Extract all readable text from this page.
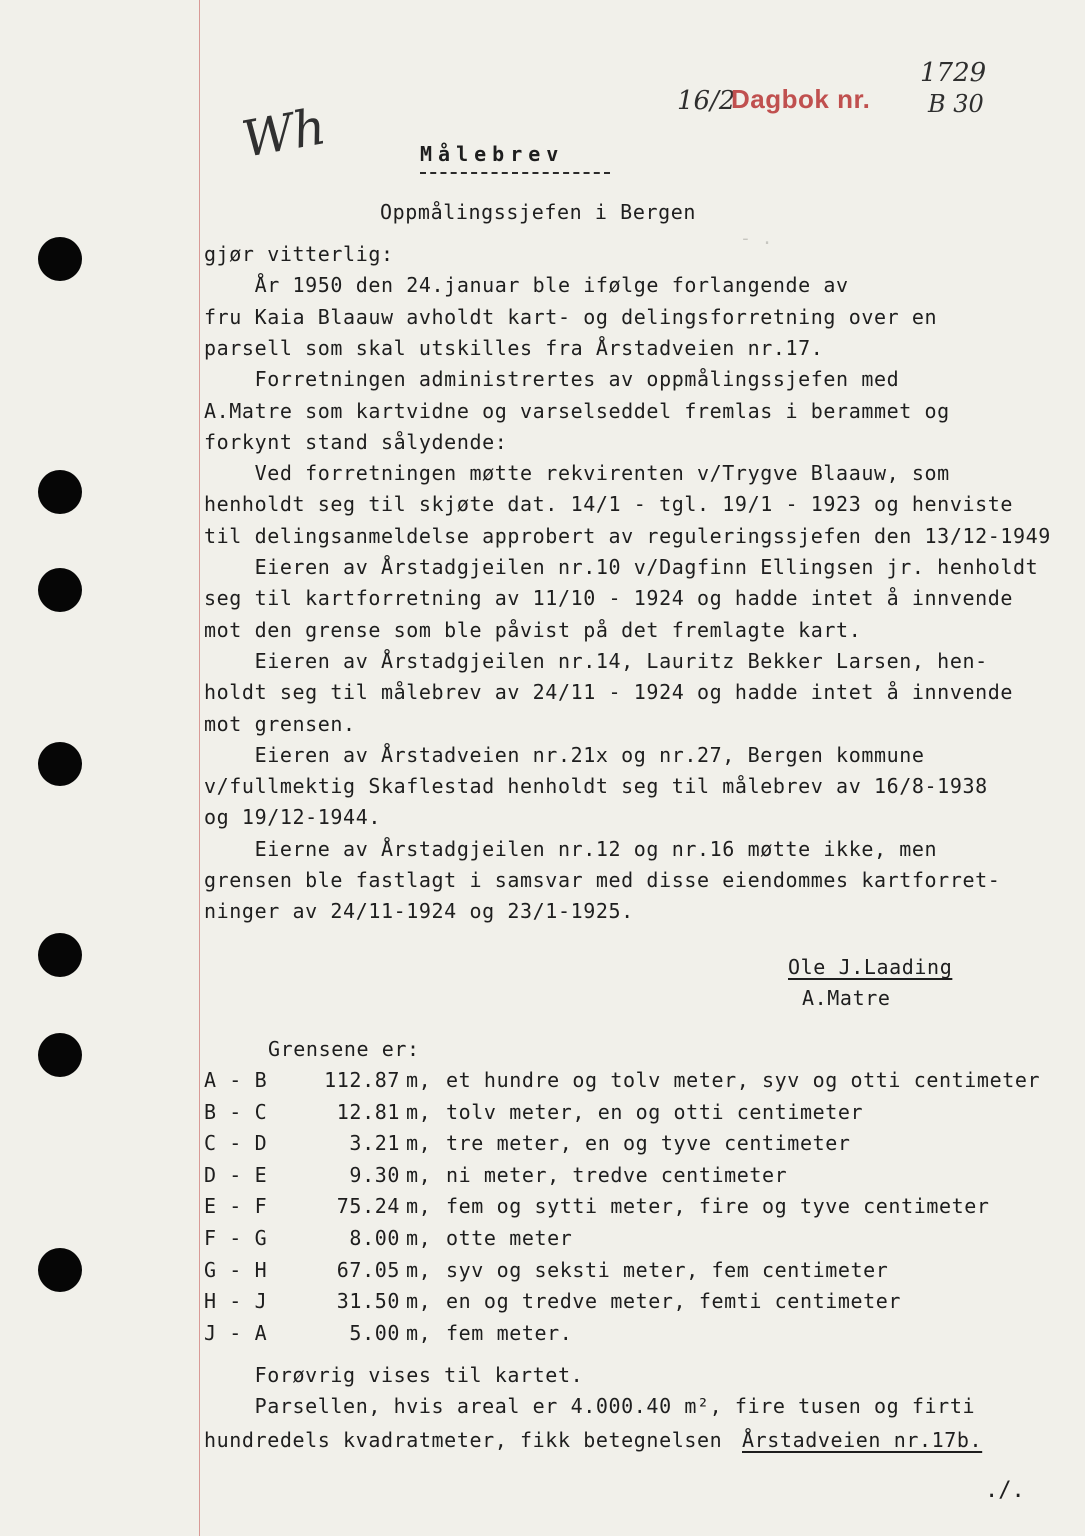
Wh	16/2
Dagbok nr.
1729
B 30
Målebrev
Oppmålingssjefen i Bergen
- .
gjør vitterlig:
År 1950 den 24.januar ble ifølge forlangende av
fru Kaia Blaauw avholdt kart- og delingsforretning over en
parsell som skal utskilles fra Årstadveien nr.17.
Forretningen administrertes av oppmålingssjefen med
A.Matre som kartvidne og varselseddel fremlas i berammet og
forkynt stand sålydende:
Ved forretningen møtte rekvirenten v/Trygve Blaauw, som
henholdt seg til skjøte dat. 14/1 - tgl. 19/1 - 1923 og henviste
til delingsanmeldelse approbert av reguleringssjefen den 13/12-1949
Eieren av Årstadgjeilen nr.10 v/Dagfinn Ellingsen jr. henholdt
seg til kartforretning av 11/10 - 1924 og hadde intet å innvende
mot den grense som ble påvist på det fremlagte kart.
Eieren av Årstadgjeilen nr.14, Lauritz Bekker Larsen, hen-
holdt seg til målebrev av 24/11 - 1924 og hadde intet å innvende
mot grensen.
Eieren av Årstadveien nr.21x og nr.27, Bergen kommune
v/fullmektig Skaflestad henholdt seg til målebrev av 16/8-1938
og 19/12-1944.
Eierne av Årstadgjeilen nr.12 og nr.16 møtte ikke, men
grensen ble fastlagt i samsvar med disse eiendommes kartforret-
ninger av 24/11-1924 og 23/1-1925.
Ole J.Laading
A.Matre
Grensene er:
A - B	112.87 m, et hundre og tolv meter, syv og otti centimeter
B - C	12.81 m, tolv meter, en og otti centimeter
C - D	3.21 m, tre meter, en og tyve centimeter
D - E	9.30 m, ni meter, tredve centimeter
E - F	75.24 m, fem og sytti meter, fire og tyve centimeter
F - G	8.00 m, otte meter
G - H	67.05 m, syv og seksti meter, fem centimeter
H - J	31.50 m, en og tredve meter, femti centimeter
J - A	5.00 m, fem meter.
Forøvrig vises til kartet.
Parsellen, hvis areal er 4.000.40 m², fire tusen og firti
hundredels kvadratmeter, fikk betegnelsen Årstadveien nr.17b.
./.
